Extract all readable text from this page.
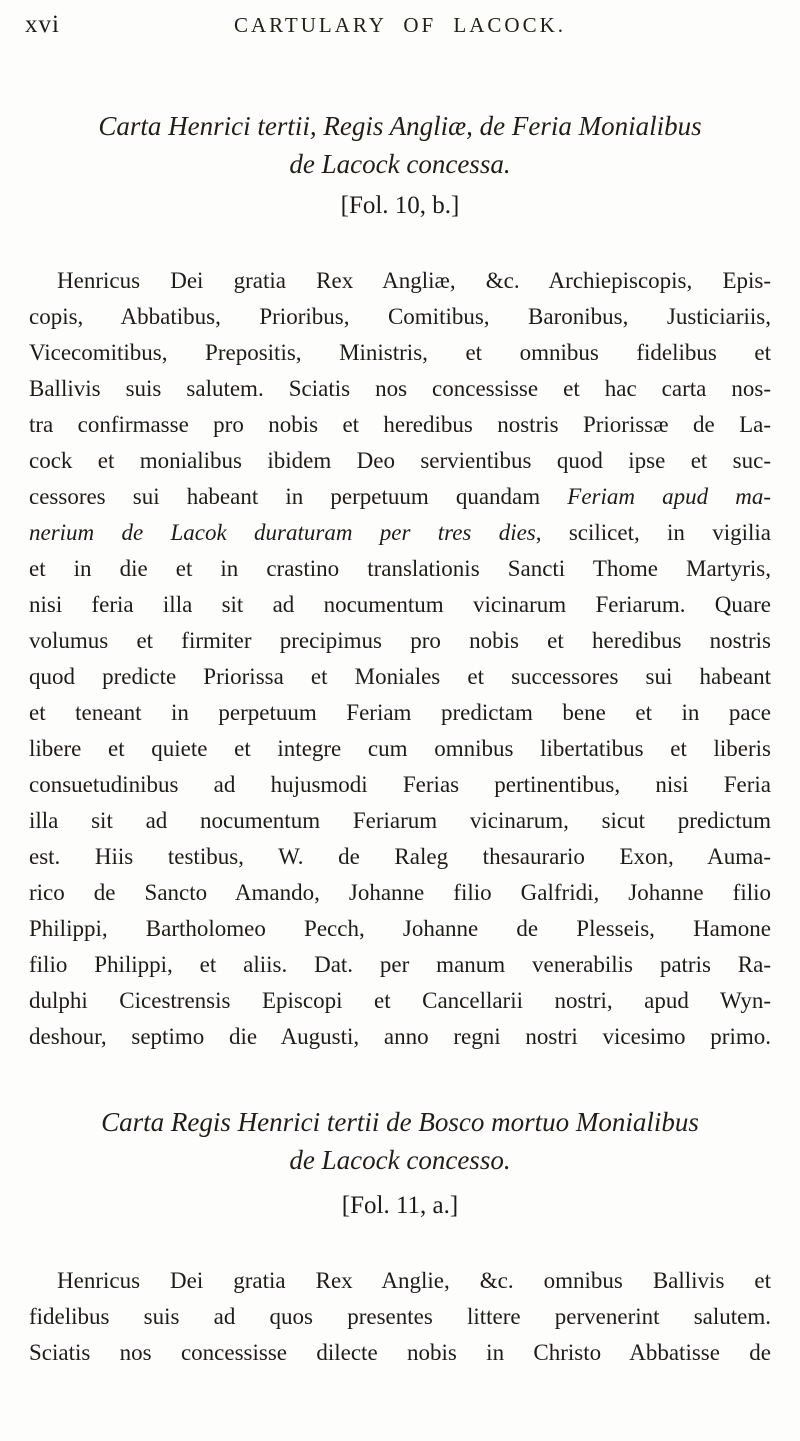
xvi	CARTULARY OF LACOCK.
Carta Henrici tertii, Regis Angliæ, de Feria Monialibus
de Lacock concessa.
[Fol. 10, b.]
Henricus Dei gratia Rex Angliæ, &c. Archiepiscopis, Epis-
copis, Abbatibus, Prioribus, Comitibus, Baronibus, Justiciariis,
Vicecomitibus, Prepositis, Ministris, et omnibus fidelibus et
Ballivis suis salutem. Sciatis nos concessisse et hac carta nos-
tra confirmasse pro nobis et heredibus nostris Priorissæ de La-
cock et monialibus ibidem Deo servientibus quod ipse et suc-
cessores sui habeant in perpetuum quandam Feriam apud ma-
nerium de Lacok duraturam per tres dies, scilicet, in vigilia
et in die et in crastino translationis Sancti Thome Martyris,
nisi feria illa sit ad nocumentum vicinarum Feriarum. Quare
volumus et firmiter precipimus pro nobis et heredibus nostris
quod predicte Priorissa et Moniales et successores sui habeant
et teneant in perpetuum Feriam predictam bene et in pace
libere et quiete et integre cum omnibus libertatibus et liberis
consuetudinibus ad hujusmodi Ferias pertinentibus, nisi Feria
illa sit ad nocumentum Feriarum vicinarum, sicut predictum
est. Hiis testibus, W. de Raleg thesaurario Exon, Auma-
rico de Sancto Amando, Johanne filio Galfridi, Johanne filio
Philippi, Bartholomeo Pecch, Johanne de Plesseis, Hamone
filio Philippi, et aliis. Dat. per manum venerabilis patris Ra-
dulphi Cicestrensis Episcopi et Cancellarii nostri, apud Wyn-
deshour, septimo die Augusti, anno regni nostri vicesimo primo.
Carta Regis Henrici tertii de Bosco mortuo Monialibus
de Lacock concesso.
[Fol. 11, a.]
Henricus Dei gratia Rex Anglie, &c. omnibus Ballivis et
fidelibus suis ad quos presentes littere pervenerint salutem.
Sciatis nos concessisse dilecte nobis in Christo Abbatisse de
